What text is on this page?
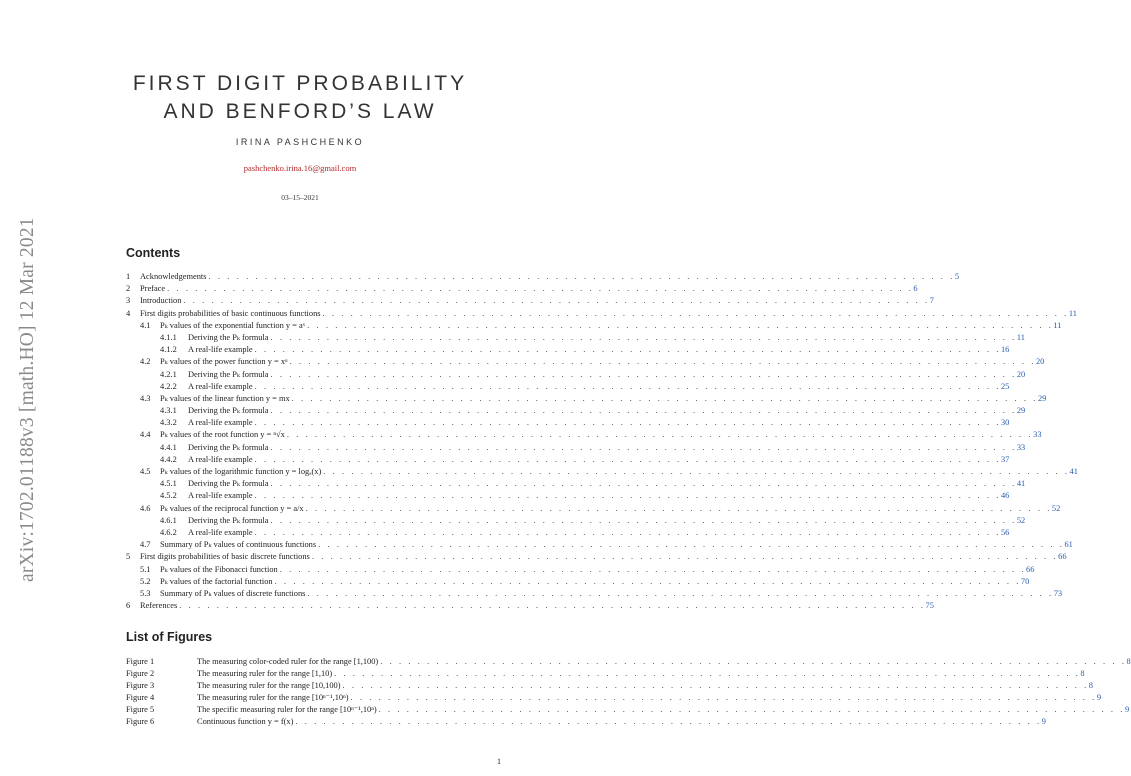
arXiv:1702.01188v3 [math.HO] 12 Mar 2021
FIRST DIGIT PROBABILITY
AND BENFORD’S LAW
IRINA PASHCHENKO
pashchenko.irina.16@gmail.com
03–15–2021
Contents
1 Acknowledgements . . . . . . . . . . . . . . . . . . . . . . . . . . . . . . . . . . . . . . . . . . . . . . . . . . . . . . . . . . . . . . . . . . . . . . . . . . . . . . . . 5
2 Preface . . . . . . . . . . . . . . . . . . . . . . . . . . . . . . . . . . . . . . . . . . . . . . . . . . . . . . . . . . . . . . . . . . . . . . . . . . . . . . . . 6
3 Introduction . . . . . . . . . . . . . . . . . . . . . . . . . . . . . . . . . . . . . . . . . . . . . . . . . . . . . . . . . . . . . . . . . . . . . . . . . . . . . . . . 7
4 First digits probabilities of basic continuous functions . . . . . . . . . . . . . . . . . . . . . . . . . . . . . . . . . . . . . . . . . . . . . . . . . . . . . . . . . . . . . . . . . . . . . . . . . . . . . . . . 11
4.1 Pₖ values of the exponential function y = aˣ . . . . . . . . . . . . . . . . . . . . . . . . . . . . . . . . . . . . . . . . . . . . . . . . . . . . . . . . . . . . . . . . . . . . . . . . . . . . . . . . 11
4.1.1 Deriving the Pₖ formula . . . . . . . . . . . . . . . . . . . . . . . . . . . . . . . . . . . . . . . . . . . . . . . . . . . . . . . . . . . . . . . . . . . . . . . . . . . . . . . . 11
4.1.2 A real-life example . . . . . . . . . . . . . . . . . . . . . . . . . . . . . . . . . . . . . . . . . . . . . . . . . . . . . . . . . . . . . . . . . . . . . . . . . . . . . . . . 16
4.2 Pₖ values of the power function y = xᵅ . . . . . . . . . . . . . . . . . . . . . . . . . . . . . . . . . . . . . . . . . . . . . . . . . . . . . . . . . . . . . . . . . . . . . . . . . . . . . . . . 20
4.2.1 Deriving the Pₖ formula . . . . . . . . . . . . . . . . . . . . . . . . . . . . . . . . . . . . . . . . . . . . . . . . . . . . . . . . . . . . . . . . . . . . . . . . . . . . . . . . 20
4.2.2 A real-life example . . . . . . . . . . . . . . . . . . . . . . . . . . . . . . . . . . . . . . . . . . . . . . . . . . . . . . . . . . . . . . . . . . . . . . . . . . . . . . . . 25
4.3 Pₖ values of the linear function y = mx . . . . . . . . . . . . . . . . . . . . . . . . . . . . . . . . . . . . . . . . . . . . . . . . . . . . . . . . . . . . . . . . . . . . . . . . . . . . . . . . 29
4.3.1 Deriving the Pₖ formula . . . . . . . . . . . . . . . . . . . . . . . . . . . . . . . . . . . . . . . . . . . . . . . . . . . . . . . . . . . . . . . . . . . . . . . . . . . . . . . . 29
4.3.2 A real-life example . . . . . . . . . . . . . . . . . . . . . . . . . . . . . . . . . . . . . . . . . . . . . . . . . . . . . . . . . . . . . . . . . . . . . . . . . . . . . . . . 30
4.4 Pₖ values of the root function y = ⁿ√x . . . . . . . . . . . . . . . . . . . . . . . . . . . . . . . . . . . . . . . . . . . . . . . . . . . . . . . . . . . . . . . . . . . . . . . . . . . . . . . . 33
4.4.1 Deriving the Pₖ formula . . . . . . . . . . . . . . . . . . . . . . . . . . . . . . . . . . . . . . . . . . . . . . . . . . . . . . . . . . . . . . . . . . . . . . . . . . . . . . . . 33
4.4.2 A real-life example . . . . . . . . . . . . . . . . . . . . . . . . . . . . . . . . . . . . . . . . . . . . . . . . . . . . . . . . . . . . . . . . . . . . . . . . . . . . . . . . 37
4.5 Pₖ values of the logarithmic function y = logₐ(x) . . . . . . . . . . . . . . . . . . . . . . . . . . . . . . . . . . . . . . . . . . . . . . . . . . . . . . . . . . . . . . . . . . . . . . . . . . . . . . . . 41
4.5.1 Deriving the Pₖ formula . . . . . . . . . . . . . . . . . . . . . . . . . . . . . . . . . . . . . . . . . . . . . . . . . . . . . . . . . . . . . . . . . . . . . . . . . . . . . . . . 41
4.5.2 A real-life example . . . . . . . . . . . . . . . . . . . . . . . . . . . . . . . . . . . . . . . . . . . . . . . . . . . . . . . . . . . . . . . . . . . . . . . . . . . . . . . . 46
4.6 Pₖ values of the reciprocal function y = a/x . . . . . . . . . . . . . . . . . . . . . . . . . . . . . . . . . . . . . . . . . . . . . . . . . . . . . . . . . . . . . . . . . . . . . . . . . . . . . . . . 52
4.6.1 Deriving the Pₖ formula . . . . . . . . . . . . . . . . . . . . . . . . . . . . . . . . . . . . . . . . . . . . . . . . . . . . . . . . . . . . . . . . . . . . . . . . . . . . . . . . 52
4.6.2 A real-life example . . . . . . . . . . . . . . . . . . . . . . . . . . . . . . . . . . . . . . . . . . . . . . . . . . . . . . . . . . . . . . . . . . . . . . . . . . . . . . . . 56
4.7 Summary of Pₖ values of continuous functions . . . . . . . . . . . . . . . . . . . . . . . . . . . . . . . . . . . . . . . . . . . . . . . . . . . . . . . . . . . . . . . . . . . . . . . . . . . . . . . . 61
5 First digits probabilities of basic discrete functions . . . . . . . . . . . . . . . . . . . . . . . . . . . . . . . . . . . . . . . . . . . . . . . . . . . . . . . . . . . . . . . . . . . . . . . . . . . . . . . . 66
5.1 Pₖ values of the Fibonacci function . . . . . . . . . . . . . . . . . . . . . . . . . . . . . . . . . . . . . . . . . . . . . . . . . . . . . . . . . . . . . . . . . . . . . . . . . . . . . . . . 66
5.2 Pₖ values of the factorial function . . . . . . . . . . . . . . . . . . . . . . . . . . . . . . . . . . . . . . . . . . . . . . . . . . . . . . . . . . . . . . . . . . . . . . . . . . . . . . . . 70
5.3 Summary of Pₖ values of discrete functions . . . . . . . . . . . . . . . . . . . . . . . . . . . . . . . . . . . . . . . . . . . . . . . . . . . . . . . . . . . . . . . . . . . . . . . . . . . . . . . . 73
6 References . . . . . . . . . . . . . . . . . . . . . . . . . . . . . . . . . . . . . . . . . . . . . . . . . . . . . . . . . . . . . . . . . . . . . . . . . . . . . . . . 75
List of Figures
Figure 1	The measuring color-coded ruler for the range [1,100) . . . . . . . . . . . . . . . . . . . . . . . . . . . . . . . . . . . . . . . . . . . . . . . . . . . . . . . . . . . . . . . . . . . . . . . . . . . . . . . . 8
Figure 2	The measuring ruler for the range [1,10) . . . . . . . . . . . . . . . . . . . . . . . . . . . . . . . . . . . . . . . . . . . . . . . . . . . . . . . . . . . . . . . . . . . . . . . . . . . . . . . . 8
Figure 3	The measuring ruler for the range [10,100) . . . . . . . . . . . . . . . . . . . . . . . . . . . . . . . . . . . . . . . . . . . . . . . . . . . . . . . . . . . . . . . . . . . . . . . . . . . . . . . . 8
Figure 4	The measuring ruler for the range [10ⁿ⁻¹,10ⁿ) . . . . . . . . . . . . . . . . . . . . . . . . . . . . . . . . . . . . . . . . . . . . . . . . . . . . . . . . . . . . . . . . . . . . . . . . . . . . . . . . 9
Figure 5	The specific measuring ruler for the range [10ⁿ⁻¹,10ⁿ) . . . . . . . . . . . . . . . . . . . . . . . . . . . . . . . . . . . . . . . . . . . . . . . . . . . . . . . . . . . . . . . . . . . . . . . . . . . . . . . . 9
Figure 6	Continuous function y = f(x) . . . . . . . . . . . . . . . . . . . . . . . . . . . . . . . . . . . . . . . . . . . . . . . . . . . . . . . . . . . . . . . . . . . . . . . . . . . . . . . . 9
1
